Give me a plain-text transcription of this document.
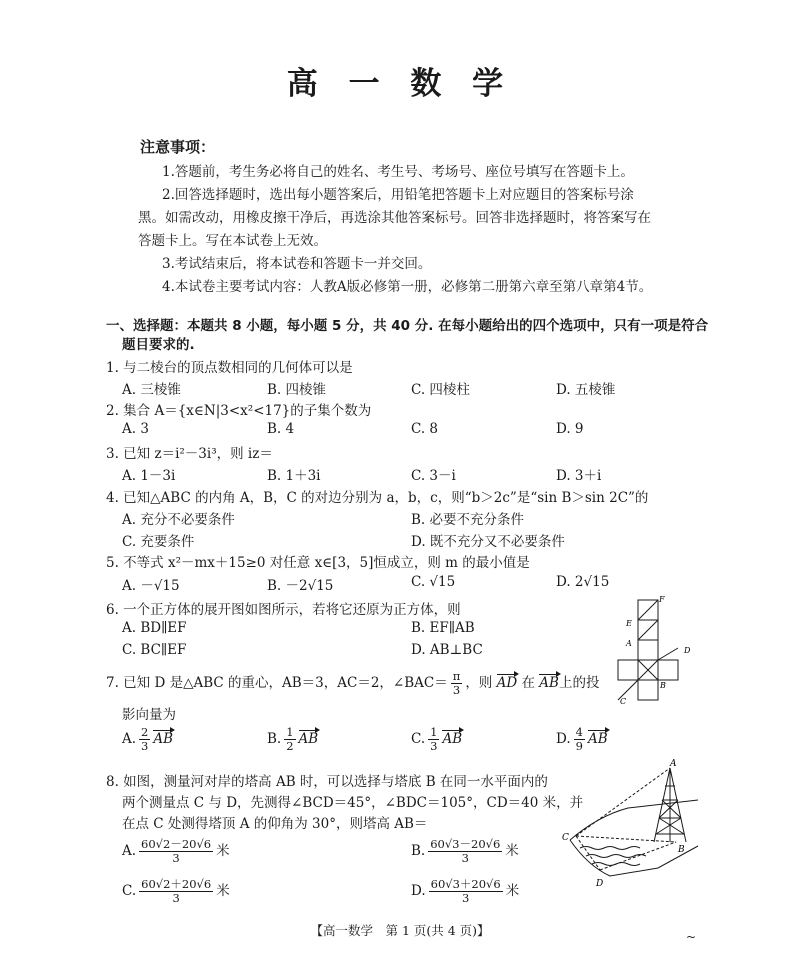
高 一 数 学
注意事项：
1.答题前，考生务必将自己的姓名、考生号、考场号、座位号填写在答题卡上。
2.回答选择题时，选出每小题答案后，用铅笔把答题卡上对应题目的答案标号涂
黑。如需改动，用橡皮擦干净后，再选涂其他答案标号。回答非选择题时，将答案写在
答题卡上。写在本试卷上无效。
3.考试结束后，将本试卷和答题卡一并交回。
4.本试卷主要考试内容：人教A版必修第一册，必修第二册第六章至第八章第4节。
一、选择题：本题共 8 小题，每小题 5 分，共 40 分. 在每小题给出的四个选项中，只有一项是符合
题目要求的.
1. 与二棱台的顶点数相同的几何体可以是
A. 三棱锥	B. 四棱锥	C. 四棱柱	D. 五棱锥
2. 集合 A＝{x∈N|3<x²<17}的子集个数为
A. 3	B. 4	C. 8	D. 9
3. 已知 z＝i²－3i³，则 iz＝
A. 1－3i	B. 1＋3i	C. 3－i	D. 3＋i
4. 已知△ABC 的内角 A，B，C 的对边分别为 a，b，c，则“b＞2c”是“sin B＞sin 2C”的
A. 充分不必要条件	B. 必要不充分条件
C. 充要条件	D. 既不充分又不必要条件
5. 不等式 x²－mx＋15≥0 对任意 x∈[3，5]恒成立，则 m 的最小值是
A. －√15	B. －2√15	C. √15	D. 2√15
6. 一个正方体的展开图如图所示，若将它还原为正方体，则
A. BD∥EF	B. EF∥AB
C. BC∥EF	D. AB⊥BC
F
E
A
D
B
C
7. 已知 D 是△ABC 的重心，AB＝3，AC＝2，∠BAC＝ $\frac{\pi}{3}$ ，则 AD 在 AB上的投
影向量为
A. $\frac{2}{3}$ AB	B. $\frac{1}{2}$ AB	C. $\frac{1}{3}$ AB	D. $\frac{4}{9}$ AB
8. 如图，测量河对岸的塔高 AB 时，可以选择与塔底 B 在同一水平面内的
两个测量点 C 与 D，先测得∠BCD＝45°，∠BDC＝105°，CD＝40 米，并
在点 C 处测得塔顶 A 的仰角为 30°，则塔高 AB＝
A. $\frac{60√2-20√6}{3}$ 米	B. $\frac{60√3-20√6}{3}$ 米
C. $\frac{60√2+20√6}{3}$ 米	D. $\frac{60√3+20√6}{3}$ 米
A
B
C
D
【高一数学　第 1 页(共 4 页)】	~
